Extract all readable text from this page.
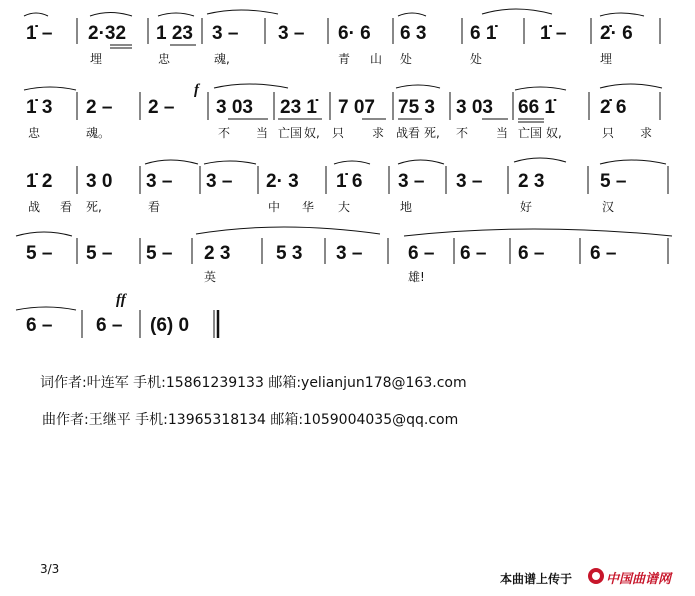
1̇ – 2·32 1 23 3 – 3 – 6· 6 6 3 6 1̇ 1̇ – 2̇· 6
埋	忠	魂,	青 山 处	处	埋
f
1̇ 3 2 – 2 – 3 03 23 1̇ 7 07 75 3 3 03 66 1̇ 2̇ 6
忠	魂。	不 当 亡国 奴, 只 求 战看 死, 不 当 亡国 奴,	只 求
1̇ 2 3 0 3 – 3 – 2· 3 1̇ 6 3 – 3 – 2 3	5 –
战 看 死,	看	中 华 大	地	好	汉
5 – 5 – 5 – 2 3 5 3 3 – 6 – 6 – 6 – 6 –
英	雄!
ff
6 – 6 – (6) 0
词作者:叶连军 手机:15861239133 邮箱:yelianjun178@163.com
曲作者:王继平 手机:13965318134 邮箱:1059004035@qq.com
3/3
本曲谱上传于	中国曲谱网
